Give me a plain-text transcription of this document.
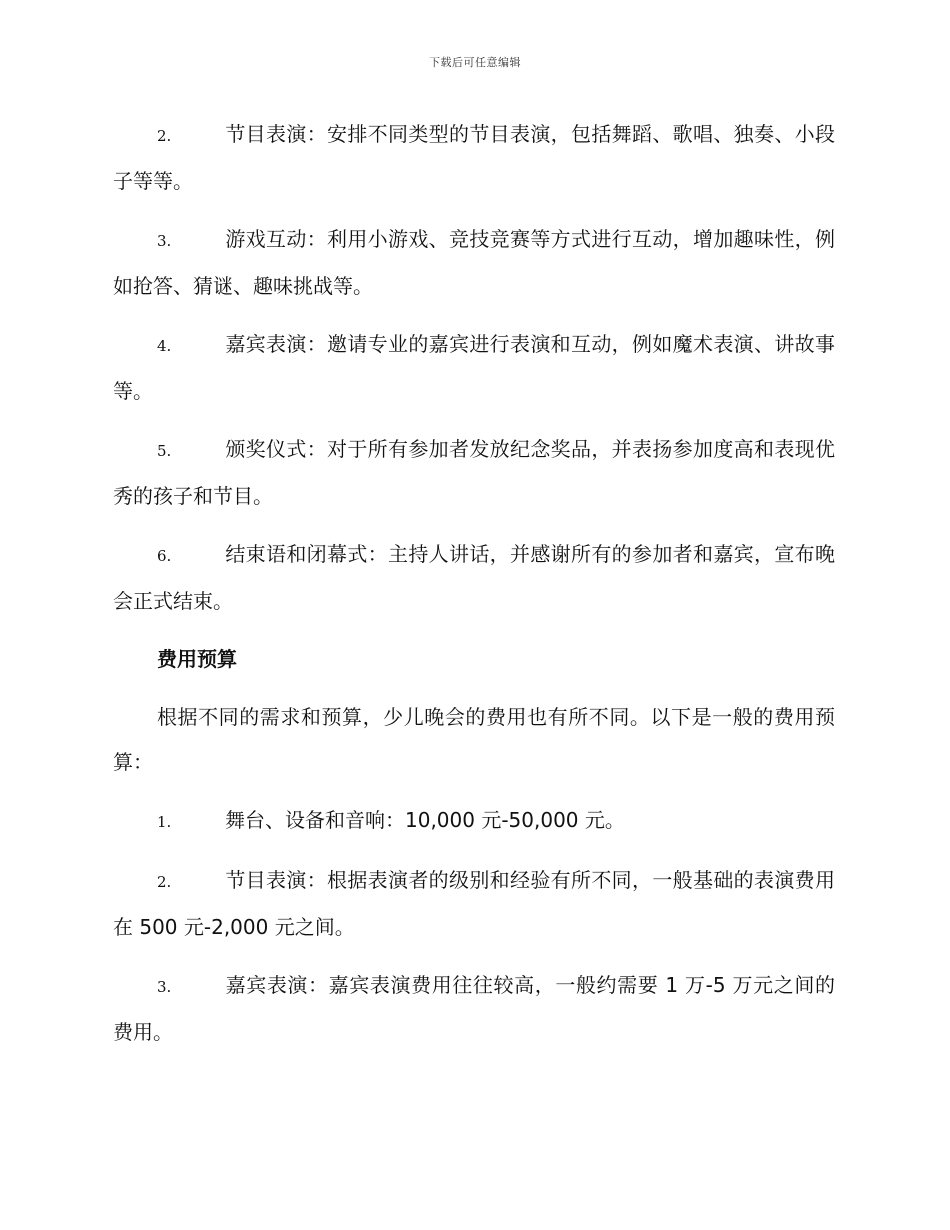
下载后可任意编辑

2.	节目表演：安排不同类型的节目表演，包括舞蹈、歌唱、独奏、小段子等等。

3.	游戏互动：利用小游戏、竞技竞赛等方式进行互动，增加趣味性，例如抢答、猜谜、趣味挑战等。

4.	嘉宾表演：邀请专业的嘉宾进行表演和互动，例如魔术表演、讲故事等。

5.	颁奖仪式：对于所有参加者发放纪念奖品，并表扬参加度高和表现优秀的孩子和节目。

6.	结束语和闭幕式：主持人讲话，并感谢所有的参加者和嘉宾，宣布晚会正式结束。

费用预算

根据不同的需求和预算，少儿晚会的费用也有所不同。以下是一般的费用预算：

1.	舞台、设备和音响：10,000 元-50,000 元。

2.	节目表演：根据表演者的级别和经验有所不同，一般基础的表演费用在 500 元-2,000 元之间。

3.	嘉宾表演：嘉宾表演费用往往较高，一般约需要 1 万-5 万元之间的费用。
